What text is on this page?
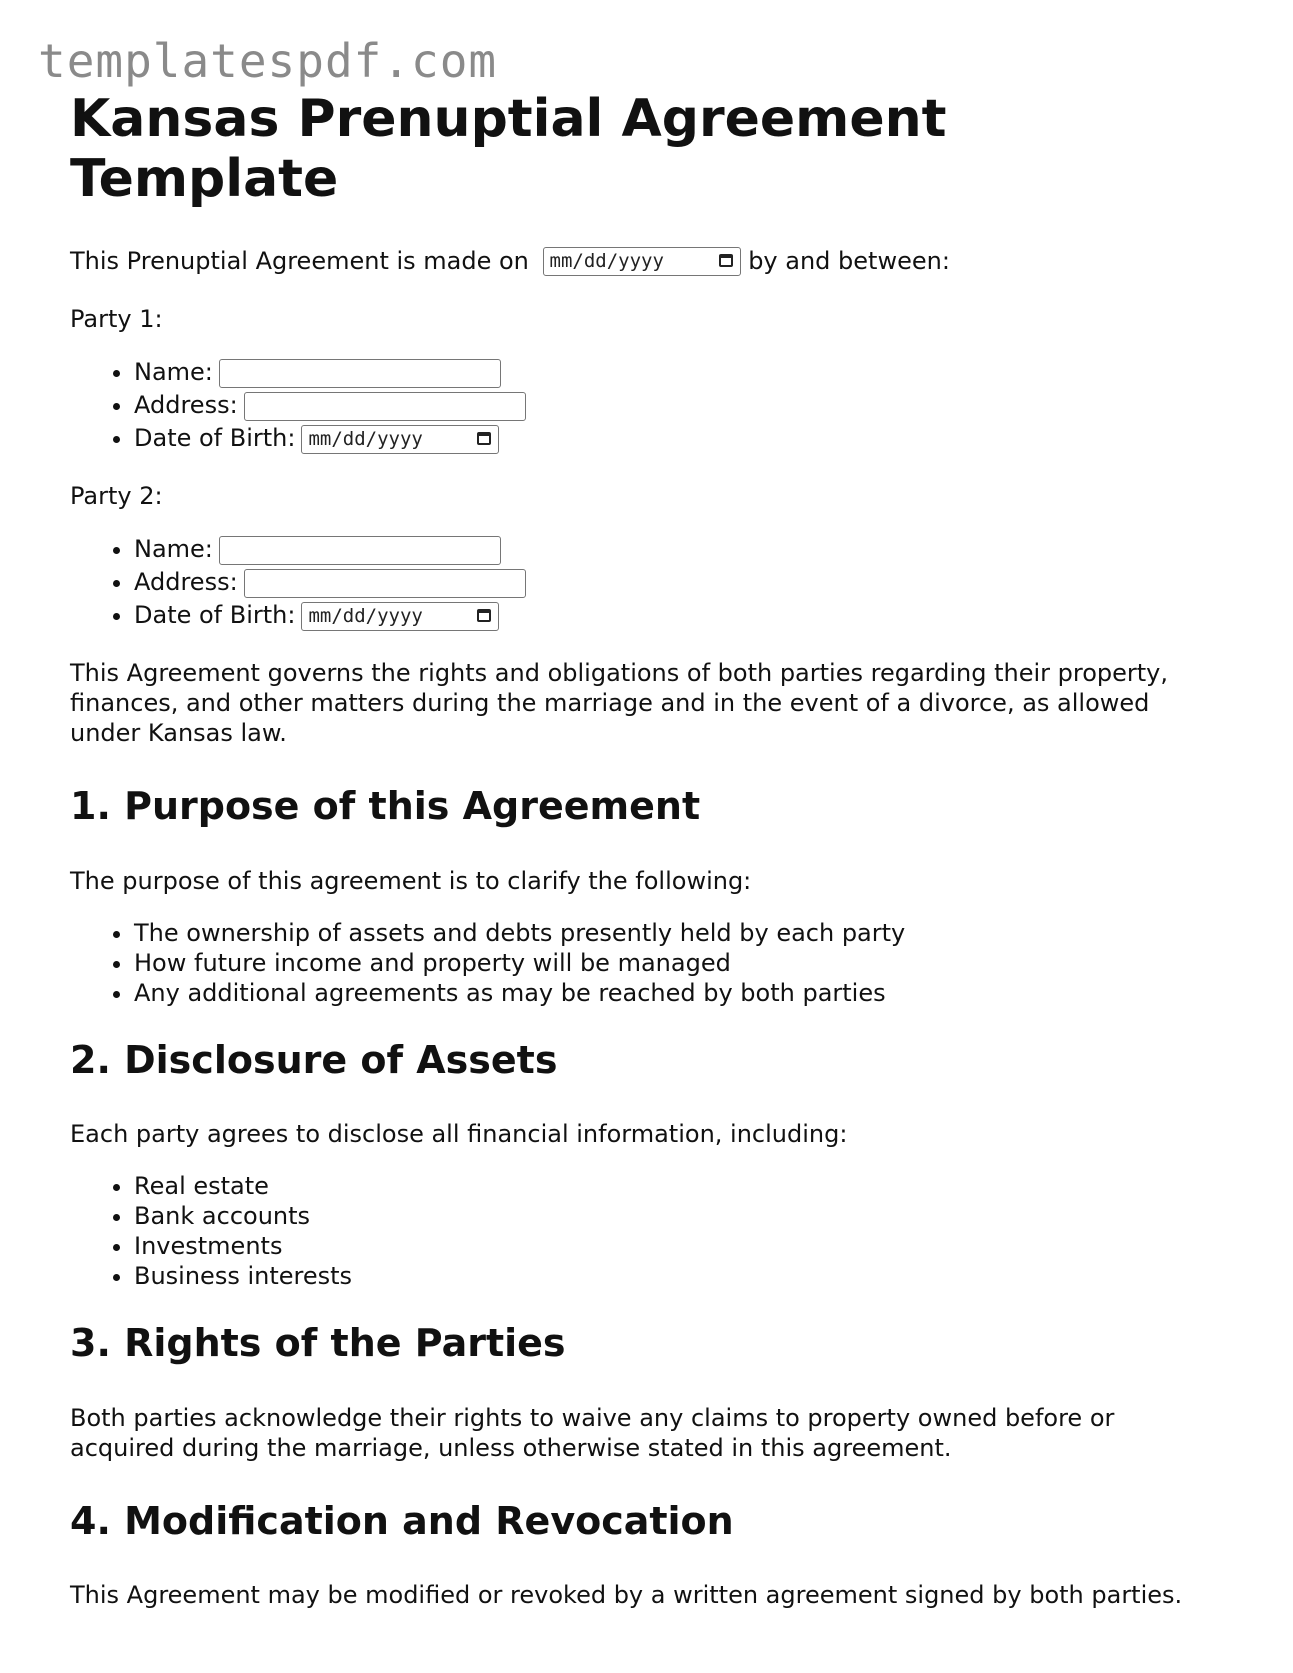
templatespdf.com
Kansas Prenuptial Agreement Template

This Prenuptial Agreement is made on mm/dd/yyyy	by and between:

Party 1:

• Name:
• Address:
• Date of Birth: mm/dd/yyyy

Party 2:

• Name:
• Address:
• Date of Birth: mm/dd/yyyy

This Agreement governs the rights and obligations of both parties regarding their property, finances, and other matters during the marriage and in the event of a divorce, as allowed under Kansas law.

1. Purpose of this Agreement

The purpose of this agreement is to clarify the following:

• The ownership of assets and debts presently held by each party
• How future income and property will be managed
• Any additional agreements as may be reached by both parties
2. Disclosure of Assets

Each party agrees to disclose all financial information, including:

• Real estate
• Bank accounts
• Investments
• Business interests
3. Rights of the Parties

Both parties acknowledge their rights to waive any claims to property owned before or acquired during the marriage, unless otherwise stated in this agreement.

4. Modification and Revocation

This Agreement may be modified or revoked by a written agreement signed by both parties.
